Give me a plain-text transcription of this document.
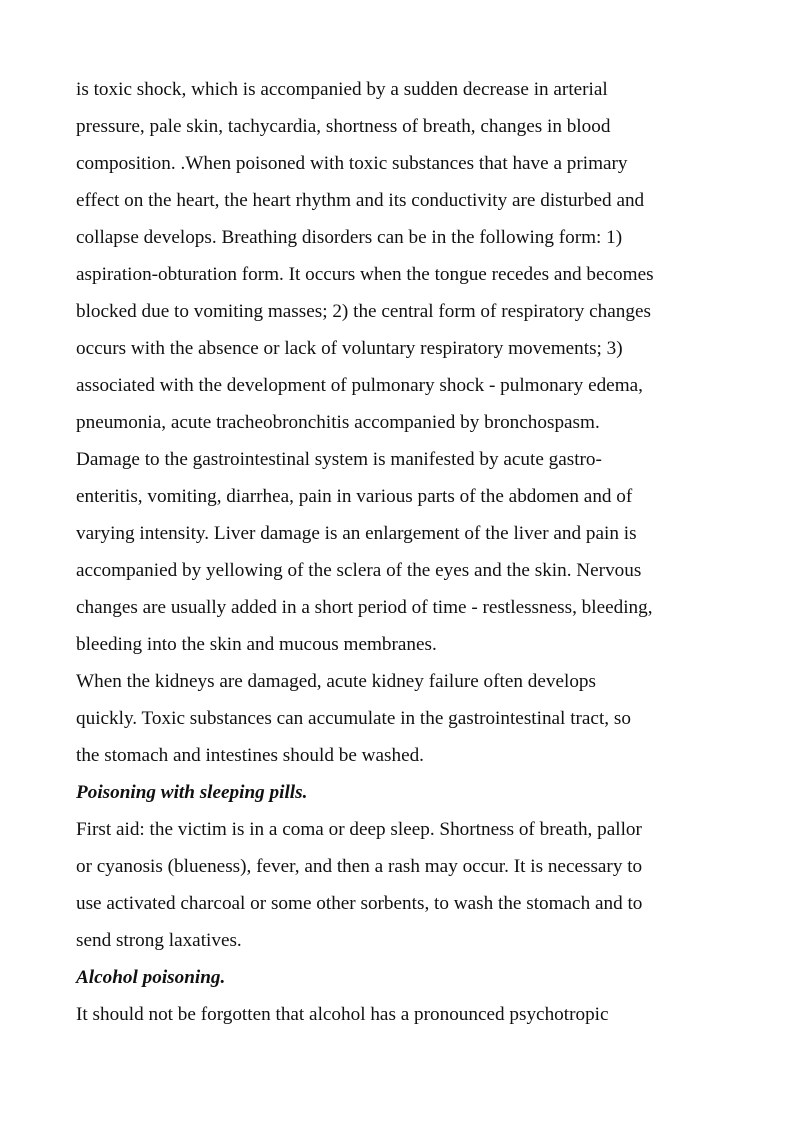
is toxic shock, which is accompanied by a sudden decrease in arterial
pressure, pale skin, tachycardia, shortness of breath, changes in blood
composition. .When poisoned with toxic substances that have a primary
effect on the heart, the heart rhythm and its conductivity are disturbed and
collapse develops. Breathing disorders can be in the following form: 1)
aspiration-obturation form. It occurs when the tongue recedes and becomes
blocked due to vomiting masses; 2) the central form of respiratory changes
occurs with the absence or lack of voluntary respiratory movements; 3)
associated with the development of pulmonary shock - pulmonary edema,
pneumonia, acute tracheobronchitis accompanied by bronchospasm.
Damage to the gastrointestinal system is manifested by acute gastro-
enteritis, vomiting, diarrhea, pain in various parts of the abdomen and of
varying intensity. Liver damage is an enlargement of the liver and pain is
accompanied by yellowing of the sclera of the eyes and the skin. Nervous
changes are usually added in a short period of time - restlessness, bleeding,
bleeding into the skin and mucous membranes.
When the kidneys are damaged, acute kidney failure often develops
quickly. Toxic substances can accumulate in the gastrointestinal tract, so
the stomach and intestines should be washed.
Poisoning with sleeping pills.
First aid: the victim is in a coma or deep sleep. Shortness of breath, pallor
or cyanosis (blueness), fever, and then a rash may occur. It is necessary to
use activated charcoal or some other sorbents, to wash the stomach and to
send strong laxatives.
Alcohol poisoning.
It should not be forgotten that alcohol has a pronounced psychotropic
